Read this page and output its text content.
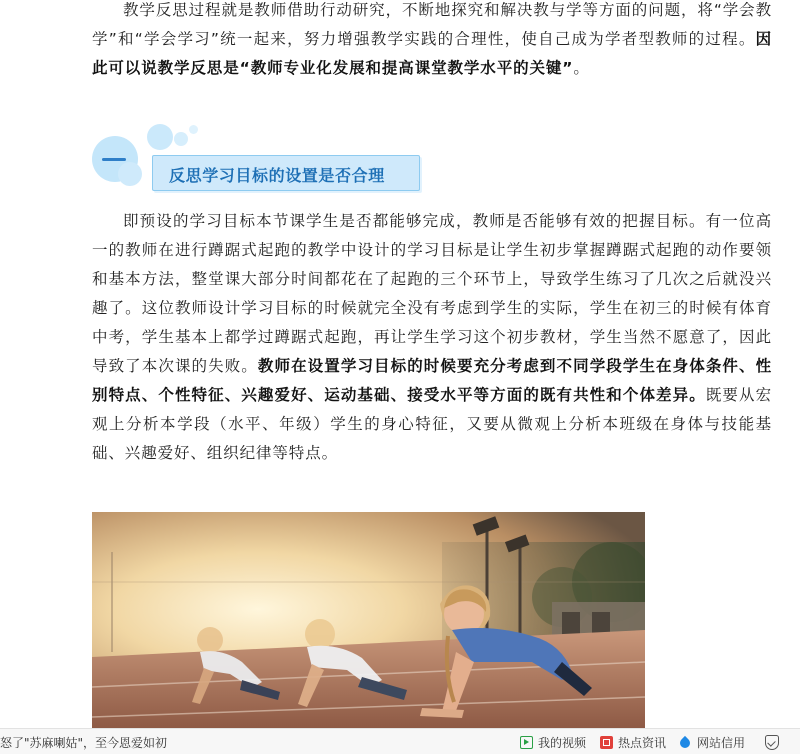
教学反思过程就是教师借助行动研究，不断地探究和解决教与学等方面的问题，将“学会教学”和“学会学习”统一起来，努力增强教学实践的合理性，使自己成为学者型教师的过程。因此可以说教学反思是“教师专业化发展和提高课堂教学水平的关键”。

反思学习目标的设置是否合理

即预设的学习目标本节课学生是否都能够完成，教师是否能够有效的把握目标。有一位高一的教师在进行蹲踞式起跑的教学中设计的学习目标是让学生初步掌握蹲踞式起跑的动作要领和基本方法，整堂课大部分时间都花在了起跑的三个环节上，导致学生练习了几次之后就没兴趣了。这位教师设计学习目标的时候就完全没有考虑到学生的实际，学生在初三的时候有体育中考，学生基本上都学过蹲踞式起跑，再让学生学习这个初步教材，学生当然不愿意了，因此导致了本次课的失败。教师在设置学习目标的时候要充分考虑到不同学段学生在身体条件、性别特点、个性特征、兴趣爱好、运动基础、接受水平等方面的既有共性和个体差异。既要从宏观上分析本学段（水平、年级）学生的身心特征，又要从微观上分析本班级在身体与技能基础、兴趣爱好、组织纪律等特点。

怒了"苏麻喇姑"，至今恩爱如初	我的视频	热点资讯	网站信用
